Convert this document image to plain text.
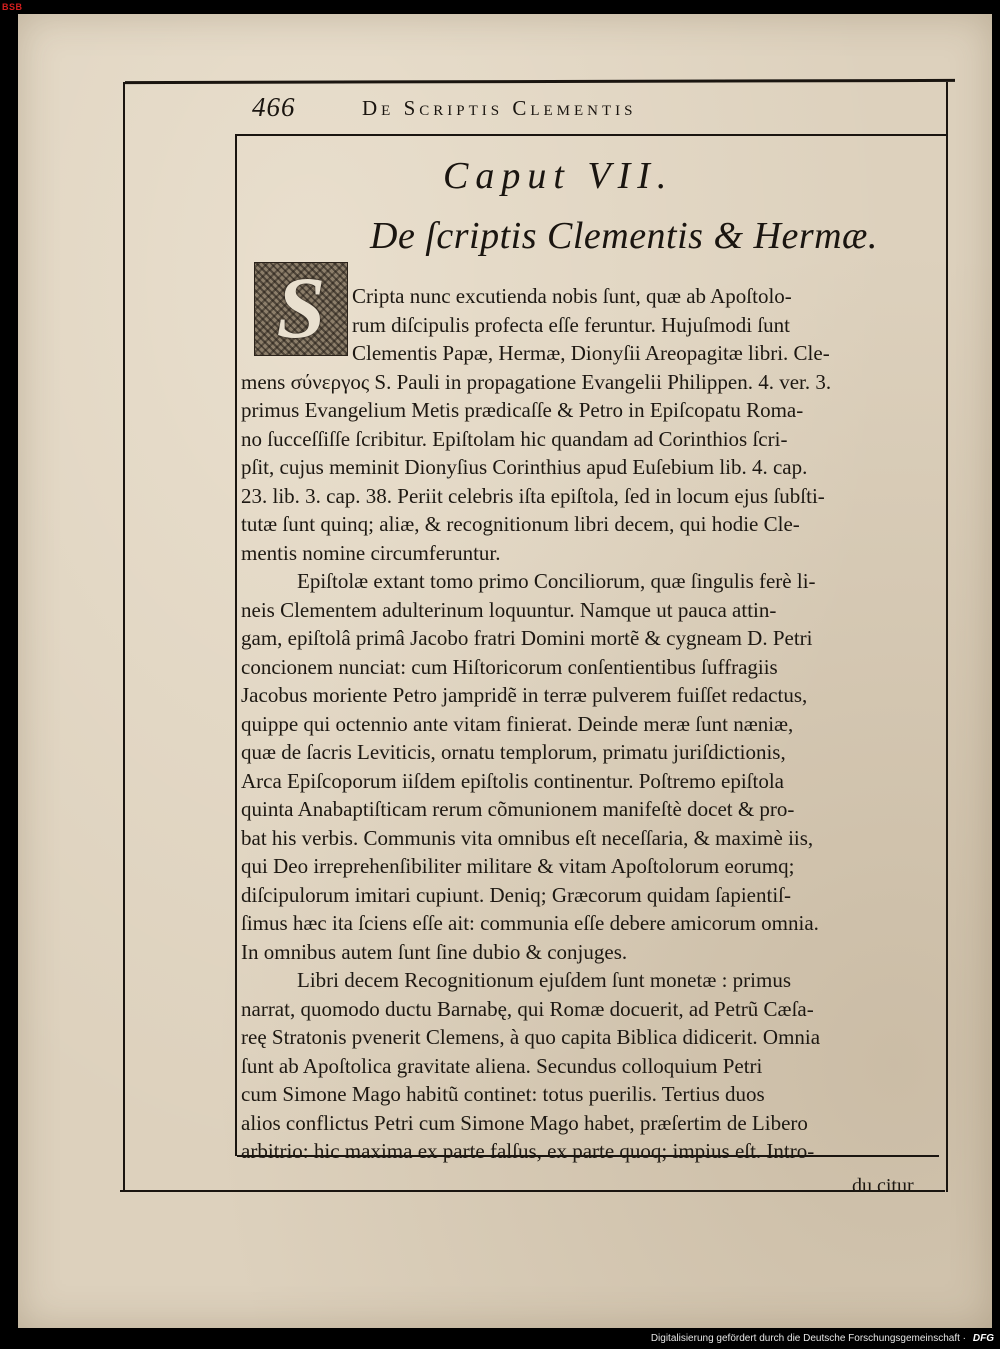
BSB
466	De Scriptis Clementis
Caput VII.
De ſcriptis Clementis & Hermæ.
S Cripta nunc excutienda nobis ſunt, quæ ab Apoſtolo-
rum diſcipulis profecta eſſe feruntur. Hujuſmodi ſunt
Clementis Papæ, Hermæ, Dionyſii Areopagitæ libri. Cle-
mens σύνεργος S. Pauli in propagatione Evangelii Philippen. 4. ver. 3.
primus Evangelium Metis prædicaſſe & Petro in Epiſcopatu Roma-
no ſucceſſiſſe ſcribitur. Epiſtolam hic quandam ad Corinthios ſcri-
pſit, cujus meminit Dionyſius Corinthius apud Euſebium lib. 4. cap.
23. lib. 3. cap. 38. Periit celebris iſta epiſtola, ſed in locum ejus ſubſti-
tutæ ſunt quinq; aliæ, & recognitionum libri decem, qui hodie Cle-
mentis nomine circumferuntur.
Epiſtolæ extant tomo primo Conciliorum, quæ ſingulis ferè li-
neis Clementem adulterinum loquuntur. Namque ut pauca attin-
gam, epiſtolâ primâ Jacobo fratri Domini mortẽ & cygneam D. Petri
concionem nunciat: cum Hiſtoricorum conſentientibus ſuffragiis
Jacobus moriente Petro jampridẽ in terræ pulverem fuiſſet redactus,
quippe qui octennio ante vitam finierat. Deinde meræ ſunt næniæ,
quæ de ſacris Leviticis, ornatu templorum, primatu juriſdictionis,
Arca Epiſcoporum iiſdem epiſtolis continentur. Poſtremo epiſtola
quinta Anabaptiſticam rerum cõmunionem manifeſtè docet & pro-
bat his verbis. Communis vita omnibus eſt neceſſaria, & maximè iis,
qui Deo irreprehenſibiliter militare & vitam Apoſtolorum eorumq;
diſcipulorum imitari cupiunt. Deniq; Græcorum quidam ſapientiſ-
ſimus hæc ita ſciens eſſe ait: communia eſſe debere amicorum omnia.
In omnibus autem ſunt ſine dubio & conjuges.
Libri decem Recognitionum ejuſdem ſunt monetæ : primus
narrat, quomodo ductu Barnabę, qui Romæ docuerit, ad Petrũ Cæſa-
reę Stratonis pvenerit Clemens, à quo capita Biblica didicerit. Omnia
ſunt ab Apoſtolica gravitate aliena. Secundus colloquium Petri
cum Simone Mago habitũ continet: totus puerilis. Tertius duos
alios conflictus Petri cum Simone Mago habet, præſertim de Libero
arbitrio: hic maxima ex parte falſus, ex parte quoq; impius eſt. Intro-
du citur
Digitalisierung gefördert durch die Deutsche Forschungsgemeinschaft · DFG
